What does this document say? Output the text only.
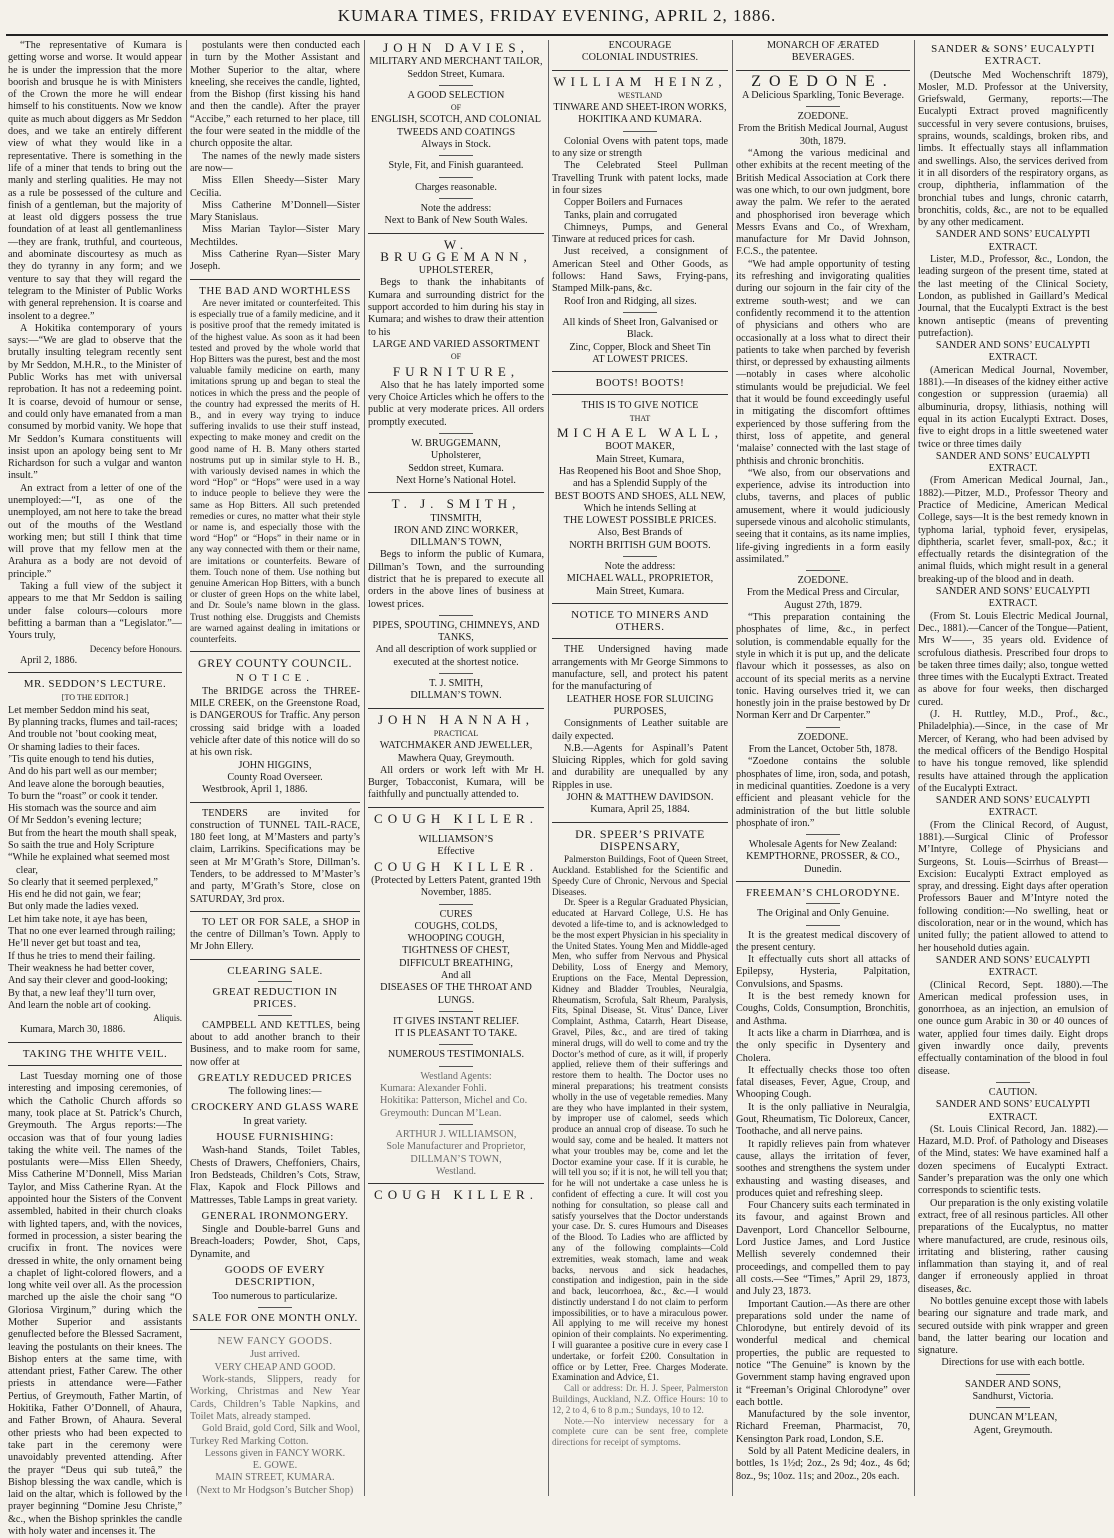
KUMARA TIMES, FRIDAY EVENING, APRIL 2, 1886.

“The representative of Kumara is getting worse and worse. It would appear he is under the impression that the more boorish and brusque he is with Ministers of the Crown the more he will endear himself to his constituents. Now we know quite as much about diggers as Mr Seddon does, and we take an entirely different view of what they would like in a representative. There is something in the life of a miner that tends to bring out the manly and sterling qualities. He may not as a rule be possessed of the culture and finish of a gentleman, but the majority of at least old diggers possess the true foundation of at least all gentlemanliness—they are frank, truthful, and courteous, and abominate discourtesy as much as they do tyranny in any form; and we venture to say that they will regard the telegram to the Minister of Public Works with general reprehension. It is coarse and insolent to a degree.”

A Hokitika contemporary of yours says:—“We are glad to observe that the brutally insulting telegram recently sent by Mr Seddon, M.H.R., to the Minister of Public Works has met with universal reprobation. It has not a redeeming point. It is coarse, devoid of humour or sense, and could only have emanated from a man consumed by morbid vanity. We hope that Mr Seddon’s Kumara constituents will insist upon an apology being sent to Mr Richardson for such a vulgar and wanton insult.”

An extract from a letter of one of the unemployed:—“I, as one of the unemployed, am not here to take the bread out of the mouths of the Westland working men; but still I think that time will prove that my fellow men at the Arahura as a body are not devoid of principle.”

Taking a full view of the subject it appears to me that Mr Seddon is sailing under false colours—colours more befitting a barman than a “Legislator.”— Yours truly,

Decency before Honours.

April 2, 1886.

MR. SEDDON’S LECTURE.

[TO THE EDITOR.]

Let member Seddon mind his seat,

By planning tracks, flumes and tail-races;

And trouble not ’bout cooking meat,

Or shaming ladies to their faces.

’Tis quite enough to tend his duties,

And do his part well as our member;

And leave alone the borough beauties,

To burn the “roast” or cook it tender.

His stomach was the source and aim

Of Mr Seddon’s evening lecture;

But from the heart the mouth shall speak,

So saith the true and Holy Scripture

“While he explained what seemed most clear,

So clearly that it seemed perplexed,”

His end he did not gain, we fear;

But only made the ladies vexed.

Let him take note, it aye has been,

That no one ever learned through railing;

He’ll never get but toast and tea,

If thus he tries to mend their failing.

Their weakness he had better cover,

And say their clever and good-looking;

By that, a new leaf they’ll turn over,

And learn the noble art of cooking.

Aliquis.

Kumara, March 30, 1886.

TAKING THE WHITE VEIL.

Last Tuesday morning one of those interesting and imposing ceremonies, of which the Catholic Church affords so many, took place at St. Patrick’s Church, Greymouth. The Argus reports:—The occasion was that of four young ladies taking the white veil. The names of the postulants were—Miss Ellen Sheedy, Miss Catherine M’Donnell, Miss Marian Taylor, and Miss Catherine Ryan. At the appointed hour the Sisters of the Convent assembled, habited in their church cloaks with lighted tapers, and, with the novices, formed in procession, a sister bearing the crucifix in front. The novices were dressed in white, the only ornament being a chaplet of light-colored flowers, and a long white veil over all. As the procession marched up the aisle the choir sang “O Gloriosa Virginum,” during which the Mother Superior and assistants genuflected before the Blessed Sacrament, leaving the postulants on their knees. The Bishop enters at the same time, with attendant priest, Father Carew. The other priests in attendance were—Father Pertius, of Greymouth, Father Martin, of Hokitika, Father O’Donnell, of Ahaura, and Father Brown, of Ahaura. Several other priests who had been expected to take part in the ceremony were unavoidably prevented attending. After the prayer “Deus qui sub tuteâ,” the Bishop blessing the wax candle, which is laid on the altar, which is followed by the prayer beginning “Domine Jesu Christe,” &c., when the Bishop sprinkles the candle with holy water and incenses it. The

postulants were then conducted each in turn by the Mother Assistant and Mother Superior to the altar, where kneeling, she receives the candle, lighted, from the Bishop (first kissing his hand and then the candle). After the prayer “Accibe,” each returned to her place, till the four were seated in the middle of the church opposite the altar.

The names of the newly made sisters are now—

Miss Ellen Sheedy—Sister Mary Cecilia.

Miss Catherine M’Donnell—Sister Mary Stanislaus.

Miss Marian Taylor—Sister Mary Mechtildes.

Miss Catherine Ryan—Sister Mary Joseph.

THE BAD AND WORTHLESS

Are never imitated or counterfeited. This is especially true of a family medicine, and it is positive proof that the remedy imitated is of the highest value. As soon as it had been tested and proved by the whole world that Hop Bitters was the purest, best and the most valuable family medicine on earth, many imitations sprung up and began to steal the notices in which the press and the people of the country had expressed the merits of H. B., and in every way trying to induce suffering invalids to use their stuff instead, expecting to make money and credit on the good name of H. B. Many others started nostrums put up in similar style to H. B., with variously devised names in which the word “Hop” or “Hops” were used in a way to induce people to believe they were the same as Hop Bitters. All such pretended remedies or cures, no matter what their style or name is, and especially those with the word “Hop” or “Hops” in their name or in any way connected with them or their name, are imitations or counterfeits. Beware of them. Touch none of them. Use nothing but genuine American Hop Bitters, with a bunch or cluster of green Hops on the white label, and Dr. Soule’s name blown in the glass. Trust nothing else. Druggists and Chemists are warned against dealing in imitations or counterfeits.

GREY COUNTY COUNCIL.

NOTICE.

The BRIDGE across the THREE-MILE CREEK, on the Greenstone Road, is DANGEROUS for Traffic. Any person crossing said bridge with a loaded vehicle after date of this notice will do so at his own risk.

JOHN HIGGINS,

County Road Overseer.

Westbrook, April 1, 1886.

TENDERS are invited for construction of TUNNEL TAIL-RACE, 180 feet long, at M’Masters and party’s claim, Larrikins. Specifications may be seen at Mr M’Grath’s Store, Dillman’s. Tenders, to be addressed to M’Master’s and party, M’Grath’s Store, close on SATURDAY, 3rd prox.

TO LET OR FOR SALE, a SHOP in the centre of Dillman’s Town. Apply to Mr John Ellery.

CLEARING SALE.

GREAT REDUCTION IN PRICES.

CAMPBELL AND KETTLES, being about to add another branch to their Business, and to make room for same, now offer at

GREATLY REDUCED PRICES

The following lines:—

CROCKERY AND GLASS WARE

In great variety.

HOUSE FURNISHING:

Wash-hand Stands, Toilet Tables, Chests of Drawers, Cheffoniers, Chairs, Iron Bedsteads, Children’s Cots, Straw, Flax, Kapok and Flock Pillows and Mattresses, Table Lamps in great variety.

GENERAL IRONMONGERY.

Single and Double-barrel Guns and Breach-loaders; Powder, Shot, Caps, Dynamite, and

GOODS OF EVERY DESCRIPTION,

Too numerous to particularize.

SALE FOR ONE MONTH ONLY.

NEW FANCY GOODS.

Just arrived.

VERY CHEAP AND GOOD.

Work-stands, Slippers, ready for Working, Christmas and New Year Cards, Children’s Table Napkins, and Toilet Mats, already stamped.

Gold Braid, gold Cord, Silk and Wool, Turkey Red Marking Cotton.

Lessons given in FANCY WORK.

E. GOWE.

MAIN STREET, KUMARA.

(Next to Mr Hodgson’s Butcher Shop)

JOHN DAVIES,

MILITARY AND MERCHANT TAILOR,

Seddon Street, Kumara.

A GOOD SELECTION

OF

ENGLISH, SCOTCH, AND COLONIAL TWEEDS AND COATINGS

Always in Stock.

Style, Fit, and Finish guaranteed.

Charges reasonable.

Note the address:

Next to Bank of New South Wales.

W. BRUGGEMANN,

UPHOLSTERER,

Begs to thank the inhabitants of Kumara and surrounding district for the support accorded to him during his stay in Kumara; and wishes to draw their attention to his

LARGE AND VARIED ASSORTMENT

OF

FURNITURE,

Also that he has lately imported some very Choice Articles which he offers to the public at very moderate prices. All orders promptly executed.

W. BRUGGEMANN,

Upholsterer,

Seddon street, Kumara.

Next Horne’s National Hotel.

T. J. SMITH,

TINSMITH,

IRON AND ZINC WORKER,

DILLMAN’S TOWN,

Begs to inform the public of Kumara, Dillman’s Town, and the surrounding district that he is prepared to execute all orders in the above lines of business at lowest prices.

PIPES, SPOUTING, CHIMNEYS, AND TANKS,

And all description of work supplied or executed at the shortest notice.

T. J. SMITH,

DILLMAN’S TOWN.

JOHN HANNAH,

PRACTICAL

WATCHMAKER AND JEWELLER,

Mawhera Quay, Greymouth.

All orders or work left with Mr H. Burger, Tobacconist, Kumara, will be faithfully and punctually attended to.

COUGH KILLER.

WILLIAMSON’S

Effective

COUGH KILLER.

(Protected by Letters Patent, granted 19th November, 1885.

CURES

COUGHS, COLDS,

WHOOPING COUGH,

TIGHTNESS OF CHEST,

DIFFICULT BREATHING,

And all

DISEASES OF THE THROAT AND LUNGS.

IT GIVES INSTANT RELIEF.

IT IS PLEASANT TO TAKE.

NUMEROUS TESTIMONIALS.

Westland Agents:

Kumara: Alexander Fohli.

Hokitika: Patterson, Michel and Co.

Greymouth: Duncan M’Lean.

ARTHUR J. WILLIAMSON,

Sole Manufacturer and Proprietor,

DILLMAN’S TOWN,

Westland.

COUGH KILLER.

ENCOURAGE

COLONIAL INDUSTRIES.

WILLIAM HEINZ,

WESTLAND

TINWARE AND SHEET-IRON WORKS,

HOKITIKA AND KUMARA.

Colonial Ovens with patent tops, made to any size or strength

The Celebrated Steel Pullman Travelling Trunk with patent locks, made in four sizes

Copper Boilers and Furnaces

Tanks, plain and corrugated

Chimneys, Pumps, and General Tinware at reduced prices for cash.

Just received, a consignment of American Steel and Other Goods, as follows: Hand Saws, Frying-pans, Stamped Milk-pans, &c.

Roof Iron and Ridging, all sizes.

All kinds of Sheet Iron, Galvanised or Black.

Zinc, Copper, Block and Sheet Tin

AT LOWEST PRICES.

BOOTS! BOOTS!

THIS IS TO GIVE NOTICE

THAT

MICHAEL WALL,

BOOT MAKER,

Main Street, Kumara,

Has Reopened his Boot and Shoe Shop, and has a Splendid Supply of the

BEST BOOTS AND SHOES, ALL NEW,

Which he intends Selling at

THE LOWEST POSSIBLE PRICES.

Also, Best Brands of

NORTH BRITISH GUM BOOTS.

Note the address:

MICHAEL WALL, PROPRIETOR,

Main Street, Kumara.

NOTICE TO MINERS AND OTHERS.

THE Undersigned having made arrangements with Mr George Simmons to manufacture, sell, and protect his patent for the manufacturing of

LEATHER HOSE FOR SLUICING PURPOSES,

Consignments of Leather suitable are daily expected.

N.B.—Agents for Aspinall’s Patent Sluicing Ripples, which for gold saving and durability are unequalled by any Ripples in use.

JOHN & MATTHEW DAVIDSON.

Kumara, April 25, 1884.

DR. SPEER’S PRIVATE DISPENSARY,

Palmerston Buildings, Foot of Queen Street, Auckland. Established for the Scientific and Speedy Cure of Chronic, Nervous and Special Diseases.

Dr. Speer is a Regular Graduated Physician, educated at Harvard College, U.S. He has devoted a life-time to, and is acknowledged to be the most expert Physician in his speciality in the United States. Young Men and Middle-aged Men, who suffer from Nervous and Physical Debility, Loss of Energy and Memory, Eruptions on the Face, Mental Depression, Kidney and Bladder Troubles, Neuralgia, Rheumatism, Scrofula, Salt Rheum, Paralysis, Fits, Spinal Disease, St. Vitus’ Dance, Liver Complaint, Asthma, Catarrh, Heart Disease, Gravel, Piles, &c., and are tired of taking mineral drugs, will do well to come and try the Doctor’s method of cure, as it will, if properly applied, relieve them of their sufferings and restore them to health. The Doctor uses no mineral preparations; his treatment consists wholly in the use of vegetable remedies. Many are they who have implanted in their system, by improper use of calomel, seeds which produce an annual crop of disease. To such he would say, come and be healed. It matters not what your troubles may be, come and let the Doctor examine your case. If it is curable, he will tell you so; if it is not, he will tell you that; for he will not undertake a case unless he is confident of effecting a cure. It will cost you nothing for consultation, so please call and satisfy yourselves that the Doctor understands your case. Dr. S. cures Humours and Diseases of the Blood. To Ladies who are afflicted by any of the following complaints—Cold extremities, weak stomach, lame and weak backs, nervous and sick headaches, constipation and indigestion, pain in the side and back, leucorrhoea, &c., &c.—I would distinctly understand I do not claim to perform impossibilities, or to have a miraculous power. All applying to me will receive my honest opinion of their complaints. No experimenting. I will guarantee a positive cure in every case I undertake, or forfeit £200. Consultation in office or by Letter, Free. Charges Moderate. Examination and Advice, £1.

Call or address: Dr. H. J. Speer, Palmerston Buildings, Auckland, N.Z. Office Hours: 10 to 12, 2 to 4, 6 to 8 p.m.; Sundays, 10 to 12.

Note.—No interview necessary for a complete cure can be sent free, complete directions for receipt of symptoms.

MONARCH OF ÆRATED BEVERAGES.

ZOEDONE.

A Delicious Sparkling, Tonic Beverage.

ZOEDONE.

From the British Medical Journal, August 30th, 1879.

“Among the various medicinal and other exhibits at the recent meeting of the British Medical Association at Cork there was one which, to our own judgment, bore away the palm. We refer to the aerated and phosphorised iron beverage which Messrs Evans and Co., of Wrexham, manufacture for Mr David Johnson, F.C.S., the patentee.

“We had ample opportunity of testing its refreshing and invigorating qualities during our sojourn in the fair city of the extreme south-west; and we can confidently recommend it to the attention of physicians and others who are occasionally at a loss what to direct their patients to take when parched by feverish thirst, or depressed by exhausting ailments—notably in cases where alcoholic stimulants would be prejudicial. We feel that it would be found exceedingly useful in mitigating the discomfort ofttimes experienced by those suffering from the thirst, loss of appetite, and general ‘malaise’ connected with the last stage of phthisis and chronic bronchitis.

“We also, from our observations and experience, advise its introduction into clubs, taverns, and places of public amusement, where it would judiciously supersede vinous and alcoholic stimulants, seeing that it contains, as its name implies, life-giving ingredients in a form easily assimilated.”

ZOEDONE.

From the Medical Press and Circular, August 27th, 1879.

“This preparation containing the phosphates of lime, &c., in perfect solution, is commendable equally for the style in which it is put up, and the delicate flavour which it possesses, as also on account of its special merits as a nervine tonic. Having ourselves tried it, we can honestly join in the praise bestowed by Dr Norman Kerr and Dr Carpenter.”

ZOEDONE.

From the Lancet, October 5th, 1878.

“Zoedone contains the soluble phosphates of lime, iron, soda, and potash, in medicinal quantities. Zoedone is a very efficient and pleasant vehicle for the administration of the but little soluble phosphate of iron.”

Wholesale Agents for New Zealand:

KEMPTHORNE, PROSSER, & CO.,

Dunedin.

FREEMAN’S CHLORODYNE.

The Original and Only Genuine.

It is the greatest medical discovery of the present century.

It effectually cuts short all attacks of Epilepsy, Hysteria, Palpitation, Convulsions, and Spasms.

It is the best remedy known for Coughs, Colds, Consumption, Bronchitis, and Asthma.

It acts like a charm in Diarrhœa, and is the only specific in Dysentery and Cholera.

It effectually checks those too often fatal diseases, Fever, Ague, Croup, and Whooping Cough.

It is the only palliative in Neuralgia, Gout, Rheumatism, Tic Doloreux, Cancer, Toothache, and all nerve pains.

It rapidly relieves pain from whatever cause, allays the irritation of fever, soothes and strengthens the system under exhausting and wasting diseases, and produces quiet and refreshing sleep.

Four Chancery suits each terminated in its favour, and against Brown and Davenport, Lord Chancellor Selbourne, Lord Justice James, and Lord Justice Mellish severely condemned their proceedings, and compelled them to pay all costs.—See “Times,” April 29, 1873, and July 23, 1873.

Important Caution.—As there are other preparations sold under the name of Chlorodyne, but entirely devoid of its wonderful medical and chemical properties, the public are requested to notice “The Genuine” is known by the Government stamp having engraved upon it “Freeman’s Original Chlorodyne” over each bottle.

Manufactured by the sole inventor, Richard Freeman, Pharmacist, 70, Kensington Park road, London, S.E.

Sold by all Patent Medicine dealers, in bottles, 1s 1½d; 2oz., 2s 9d; 4oz., 4s 6d; 8oz., 9s; 10oz. 11s; and 20oz., 20s each.

SANDER & SONS’ EUCALYPTI EXTRACT.

(Deutsche Med Wochenschrift 1879), Mosler, M.D. Professor at the University, Griefswald, Germany, reports:—The Eucalypti Extract proved magnificently successful in very severe contusions, bruises, sprains, wounds, scaldings, broken ribs, and limbs. It effectually stays all inflammation and swellings. Also, the services derived from it in all disorders of the respiratory organs, as croup, diphtheria, inflammation of the bronchial tubes and lungs, chronic catarrh, bronchitis, colds, &c., are not to be equalled by any other medicament.

SANDER AND SONS’ EUCALYPTI EXTRACT.

Lister, M.D., Professor, &c., London, the leading surgeon of the present time, stated at the last meeting of the Clinical Society, London, as published in Gaillard’s Medical Journal, that the Eucalypti Extract is the best known antiseptic (means of preventing putrefaction).

SANDER AND SONS’ EUCALYPTI EXTRACT.

(American Medical Journal, November, 1881).—In diseases of the kidney either active congestion or suppression (uraemia) all albuminuria, dropsy, lithiasis, nothing will equal in its action Eucalypti Extract. Doses, five to eight drops in a little sweetened water twice or three times daily

SANDER AND SONS’ EUCALYPTI EXTRACT.

(From American Medical Journal, Jan., 1882).—Pitzer, M.D., Professor Theory and Practice of Medicine, American Medical College, says—It is the best remedy known in typhoma larial, typhoid fever, erysipelas, diphtheria, scarlet fever, small-pox, &c.; it effectually retards the disintegration of the animal fluids, which might result in a general breaking-up of the blood and in death.

SANDER AND SONS’ EUCALYPTI EXTRACT.

(From St. Louis Electric Medical Journal, Dec., 1881).—Cancer of the Tongue—Patient, Mrs W——, 35 years old. Evidence of scrofulous diathesis. Prescribed four drops to be taken three times daily; also, tongue wetted three times with the Eucalypti Extract. Treated as above for four weeks, then discharged cured.

(J. H. Ruttley, M.D., Prof., &c., Philadelphia).—Since, in the case of Mr Mercer, of Kerang, who had been advised by the medical officers of the Bendigo Hospital to have his tongue removed, like splendid results have attained through the application of the Eucalypti Extract.

SANDER AND SONS’ EUCALYPTI EXTRACT.

(From the Clinical Record, of August, 1881).—Surgical Clinic of Professor M’Intyre, College of Physicians and Surgeons, St. Louis—Scirrhus of Breast—Excision: Eucalypti Extract employed as spray, and dressing. Eight days after operation Professors Bauer and M’Intyre noted the following condition:—No swelling, heat or discoloration, near or in the wound, which has united fully; the patient allowed to attend to her household duties again.

SANDER AND SONS’ EUCALYPTI EXTRACT.

(Clinical Record, Sept. 1880).—The American medical profession uses, in gonorrhoea, as an injection, an emulsion of one ounce gum Arabic in 30 or 40 ounces of water, applied four times daily. Eight drops given inwardly once daily, prevents effectually contamination of the blood in foul disease.

CAUTION.

SANDER AND SONS’ EUCALYPTI EXTRACT.

(St. Louis Clinical Record, Jan. 1882).—Hazard, M.D. Prof. of Pathology and Diseases of the Mind, states: We have examined half a dozen specimens of Eucalypti Extract. Sander’s preparation was the only one which corresponds to scientific tests.

Our preparation is the only existing volatile extract, free of all resinous particles. All other preparations of the Eucalyptus, no matter where manufactured, are crude, resinous oils, irritating and blistering, rather causing inflammation than staying it, and of real danger if erroneously applied in throat diseases, &c.

No bottles genuine except those with labels bearing our signature and trade mark, and secured outside with pink wrapper and green band, the latter bearing our location and signature.

Directions for use with each bottle.

SANDER AND SONS,

Sandhurst, Victoria.

DUNCAN M’LEAN,

Agent, Greymouth.
